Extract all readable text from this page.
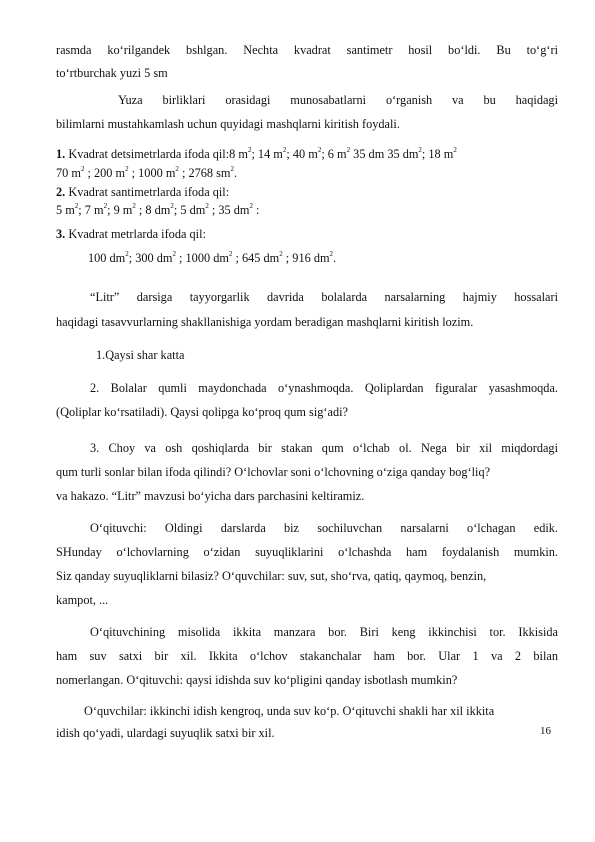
rasmda ko‘rilgandek bshlgan. Nechta kvadrat santimetr hosil bo‘ldi. Bu to‘g‘ri
to‘rtburchak yuzi 5 sm
Yuza birliklari orasidagi munosabatlarni o‘rganish va bu haqidagi
bilimlarni mustahkamlash uchun quyidagi mashqlarni kiritish foydali.
1. Kvadrat detsimetrlarda ifoda qil:8 $m^2$; 14 $m^2$; 40 $m^2$; 6 $m^2$ 35 dm 35 $dm^2$; 18 $m^2$
70 $m^2$ ; 200 $m^2$ ; 1000 $m^2$ ; 2768 $sm^2$.
2. Kvadrat santimetrlarda ifoda qil:
5 $m^2$; 7 $m^2$; 9 $m^2$ ; 8 $dm^2$; 5 $dm^2$ ; 35 $dm^2$ :
3. Kvadrat metrlarda ifoda qil:
100 $dm^2$; 300 $dm^2$ ; 1000 $dm^2$ ; 645 $dm^2$ ; 916 $dm^2$.
“Litr” darsiga tayyorgarlik davrida bolalarda narsalarning hajmiy hossalari
haqidagi tasavvurlarning shakllanishiga yordam beradigan mashqlarni kiritish lozim.
1.Qaysi shar katta
2. Bolalar qumli maydonchada o‘ynashmoqda. Qoliplardan figuralar yasashmoqda.
(Qoliplar ko‘rsatiladi). Qaysi qolipga ko‘proq qum sig‘adi?
3. Choy va osh qoshiqlarda bir stakan qum o‘lchab ol. Nega bir xil miqdordagi
qum turli sonlar bilan ifoda qilindi? O‘lchovlar soni o‘lchovning o‘ziga qanday bog‘liq?
va hakazo. “Litr” mavzusi bo‘yicha dars parchasini keltiramiz.
O‘qituvchi: Oldingi darslarda biz sochiluvchan narsalarni o‘lchagan edik.
SHunday o‘lchovlarning o‘zidan suyuqliklarini o‘lchashda ham foydalanish mumkin.
Siz qanday suyuqliklarni bilasiz? O‘quvchilar: suv, sut, sho‘rva, qatiq, qaymoq, benzin,
kampot, ...
O‘qituvchining misolida ikkita manzara bor. Biri keng ikkinchisi tor. Ikkisida
ham suv satxi bir xil. Ikkita o‘lchov stakanchalar ham bor. Ular 1 va 2 bilan
nomerlangan. O‘qituvchi: qaysi idishda suv ko‘pligini qanday isbotlash mumkin?
O‘quvchilar: ikkinchi idish kengroq, unda suv ko‘p. O‘qituvchi shakli har xil ikkita
idish qo‘yadi, ulardagi suyuqlik satxi bir xil.	16
